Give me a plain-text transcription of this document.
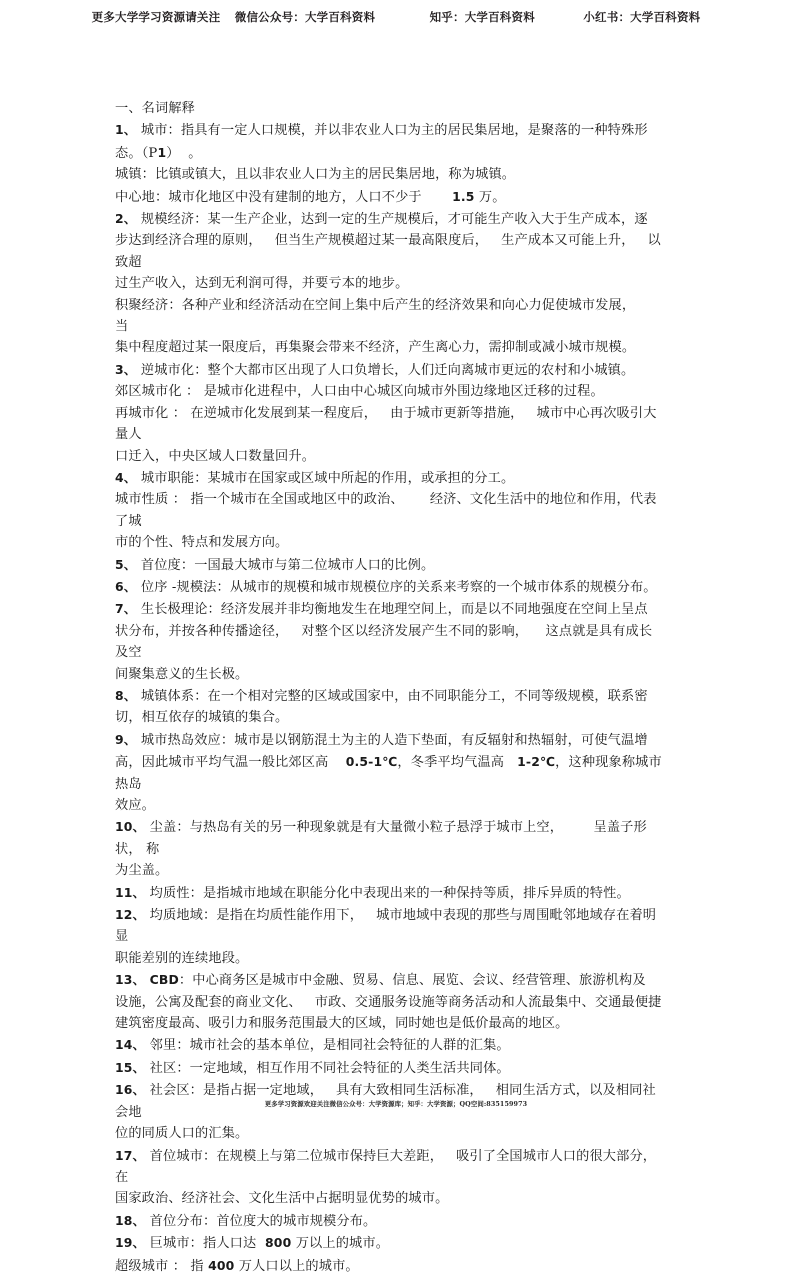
更多大学学习资源请关注 微信公众号：大学百科资料	知乎：大学百科资料	小红书：大学百科资料
一、名词解释
1、 城市：指具有一定人口规模，并以非农业人口为主的居民集居地，是聚落的一种特殊形
态。（P1）  。
城镇：比镇或镇大，且以非农业人口为主的居民集居地，称为城镇。
中心地：城市化地区中没有建制的地方，人口不少于       1.5 万。
2、 规模经济：某一生产企业，达到一定的生产规模后，才可能生产收入大于生产成本，逐
步达到经济合理的原则，   但当生产规模超过某一最高限度后，   生产成本又可能上升，   以致超
过生产收入，达到无利润可得，并要亏本的地步。
积聚经济：各种产业和经济活动在空间上集中后产生的经济效果和向心力促使城市发展，        当
集中程度超过某一限度后，再集聚会带来不经济，产生离心力，需抑制或减小城市规模。
3、 逆城市化：整个大都市区出现了人口负增长，人们迁向离城市更远的农村和小城镇。
郊区城市化 ： 是城市化进程中，人口由中心城区向城市外围边缘地区迁移的过程。
再城市化 ： 在逆城市化发展到某一程度后，   由于城市更新等措施，   城市中心再次吸引大量人
口迁入，中央区域人口数量回升。
4、 城市职能：某城市在国家或区域中所起的作用，或承担的分工。
城市性质 ： 指一个城市在全国或地区中的政治、      经济、文化生活中的地位和作用，代表了城
市的个性、特点和发展方向。
5、 首位度：一国最大城市与第二位城市人口的比例。
6、 位序 -规模法：从城市的规模和城市规模位序的关系来考察的一个城市体系的规模分布。
7、 生长极理论：经济发展并非均衡地发生在地理空间上，而是以不同地强度在空间上呈点
状分布，并按各种传播途径，   对整个区以经济发展产生不同的影响，    这点就是具有成长及空
间聚集意义的生长极。
8、 城镇体系：在一个相对完整的区域或国家中，由不同职能分工，不同等级规模，联系密
切，相互依存的城镇的集合。
9、 城市热岛效应：城市是以钢筋混土为主的人造下垫面，有反辐射和热辐射，可使气温增
高，因此城市平均气温一般比郊区高    0.5-1℃，冬季平均气温高   1-2℃，这种现象称城市热岛
效应。
10、 尘盖：与热岛有关的另一种现象就是有大量微小粒子悬浮于城市上空，       呈盖子形状， 称
为尘盖。
11、 均质性：是指城市地域在职能分化中表现出来的一种保持等质，排斥异质的特性。
12、 均质地域：是指在均质性能作用下，   城市地域中表现的那些与周围毗邻地域存在着明显
职能差别的连续地段。
13、 CBD：中心商务区是城市中金融、贸易、信息、展览、会议、经营管理、旅游机构及
设施，公寓及配套的商业文化、   市政、交通服务设施等商务活动和人流最集中、交通最便捷
建筑密度最高、吸引力和服务范围最大的区域，同时她也是低价最高的地区。
14、 邻里：城市社会的基本单位，是相同社会特征的人群的汇集。
15、 社区：一定地域，相互作用不同社会特征的人类生活共同体。
16、 社会区：是指占据一定地域，   具有大致相同生活标准，   相同生活方式，以及相同社会地
位的同质人口的汇集。
17、 首位城市：在规模上与第二位城市保持巨大差距，   吸引了全国城市人口的很大部分，   在
国家政治、经济社会、文化生活中占据明显优势的城市。
18、 首位分布：首位度大的城市规模分布。
19、 巨城市：指人口达  800 万以上的城市。
超级城市 ： 指 400 万人口以上的城市。
更多学习资源欢迎关注微信公众号：大学资源库；知乎：大学资源；QQ空间:835159973
